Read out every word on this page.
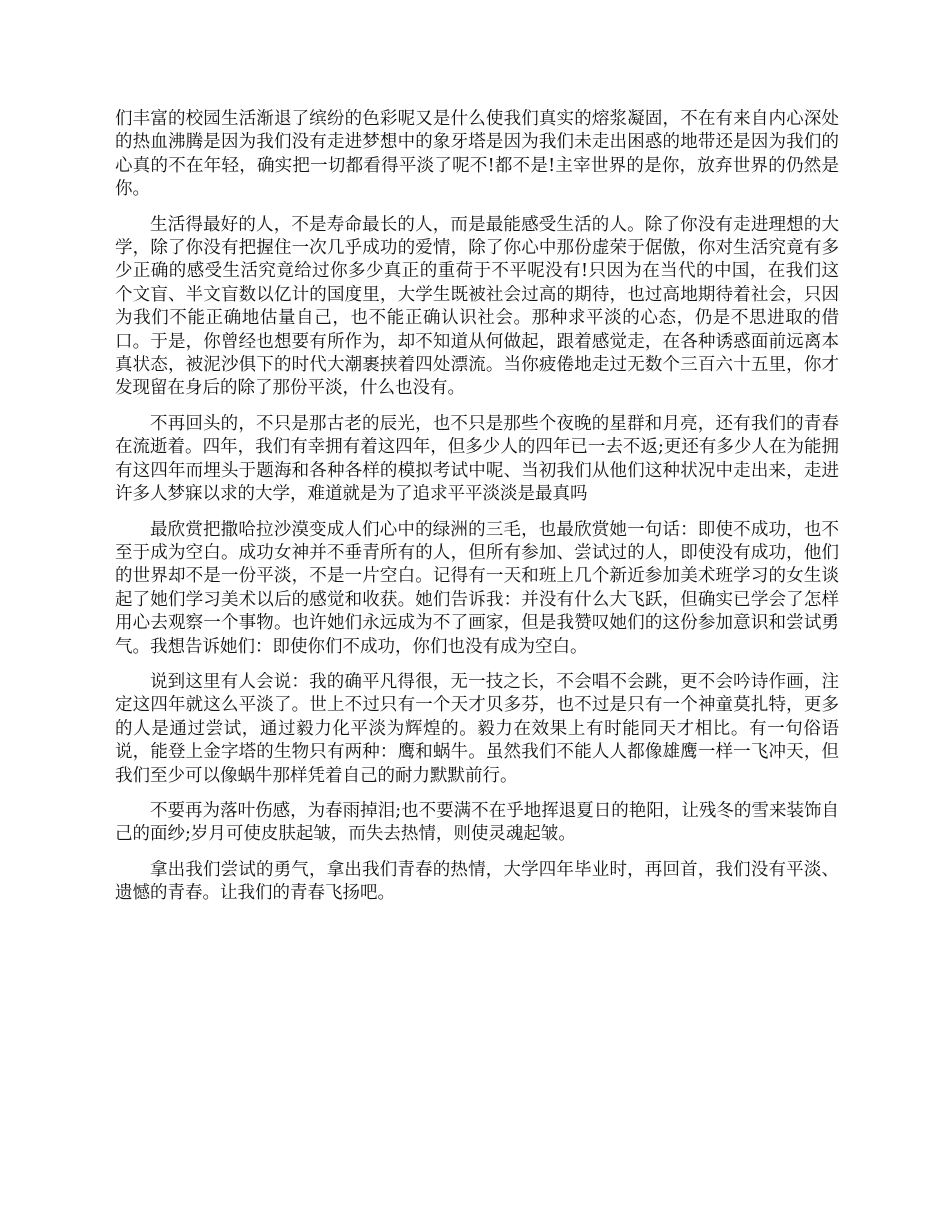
们丰富的校园生活渐退了缤纷的色彩呢又是什么使我们真实的熔浆凝固，不在有来自内心深处的热血沸腾是因为我们没有走进梦想中的象牙塔是因为我们未走出困惑的地带还是因为我们的心真的不在年轻，确实把一切都看得平淡了呢不!都不是!主宰世界的是你，放弃世界的仍然是你。

生活得最好的人，不是寿命最长的人，而是最能感受生活的人。除了你没有走进理想的大学，除了你没有把握住一次几乎成功的爱情，除了你心中那份虚荣于倨傲，你对生活究竟有多少正确的感受生活究竟给过你多少真正的重荷于不平呢没有!只因为在当代的中国，在我们这个文盲、半文盲数以亿计的国度里，大学生既被社会过高的期待，也过高地期待着社会，只因为我们不能正确地估量自己，也不能正确认识社会。那种求平淡的心态，仍是不思进取的借口。于是，你曾经也想要有所作为，却不知道从何做起，跟着感觉走，在各种诱惑面前远离本真状态，被泥沙俱下的时代大潮裹挟着四处漂流。当你疲倦地走过无数个三百六十五里，你才发现留在身后的除了那份平淡，什么也没有。

不再回头的，不只是那古老的辰光，也不只是那些个夜晚的星群和月亮，还有我们的青春在流逝着。四年，我们有幸拥有着这四年，但多少人的四年已一去不返;更还有多少人在为能拥有这四年而埋头于题海和各种各样的模拟考试中呢、当初我们从他们这种状况中走出来，走进许多人梦寐以求的大学，难道就是为了追求平平淡淡是最真吗

最欣赏把撒哈拉沙漠变成人们心中的绿洲的三毛，也最欣赏她一句话：即使不成功，也不至于成为空白。成功女神并不垂青所有的人，但所有参加、尝试过的人，即使没有成功，他们的世界却不是一份平淡，不是一片空白。记得有一天和班上几个新近参加美术班学习的女生谈起了她们学习美术以后的感觉和收获。她们告诉我：并没有什么大飞跃，但确实已学会了怎样用心去观察一个事物。也许她们永远成为不了画家，但是我赞叹她们的这份参加意识和尝试勇气。我想告诉她们：即使你们不成功，你们也没有成为空白。

说到这里有人会说：我的确平凡得很，无一技之长，不会唱不会跳，更不会吟诗作画，注定这四年就这么平淡了。世上不过只有一个天才贝多芬，也不过是只有一个神童莫扎特，更多的人是通过尝试，通过毅力化平淡为辉煌的。毅力在效果上有时能同天才相比。有一句俗语说，能登上金字塔的生物只有两种：鹰和蜗牛。虽然我们不能人人都像雄鹰一样一飞冲天，但我们至少可以像蜗牛那样凭着自己的耐力默默前行。

不要再为落叶伤感，为春雨掉泪;也不要满不在乎地挥退夏日的艳阳，让残冬的雪来装饰自己的面纱;岁月可使皮肤起皱，而失去热情，则使灵魂起皱。

拿出我们尝试的勇气，拿出我们青春的热情，大学四年毕业时，再回首，我们没有平淡、遗憾的青春。让我们的青春飞扬吧。
